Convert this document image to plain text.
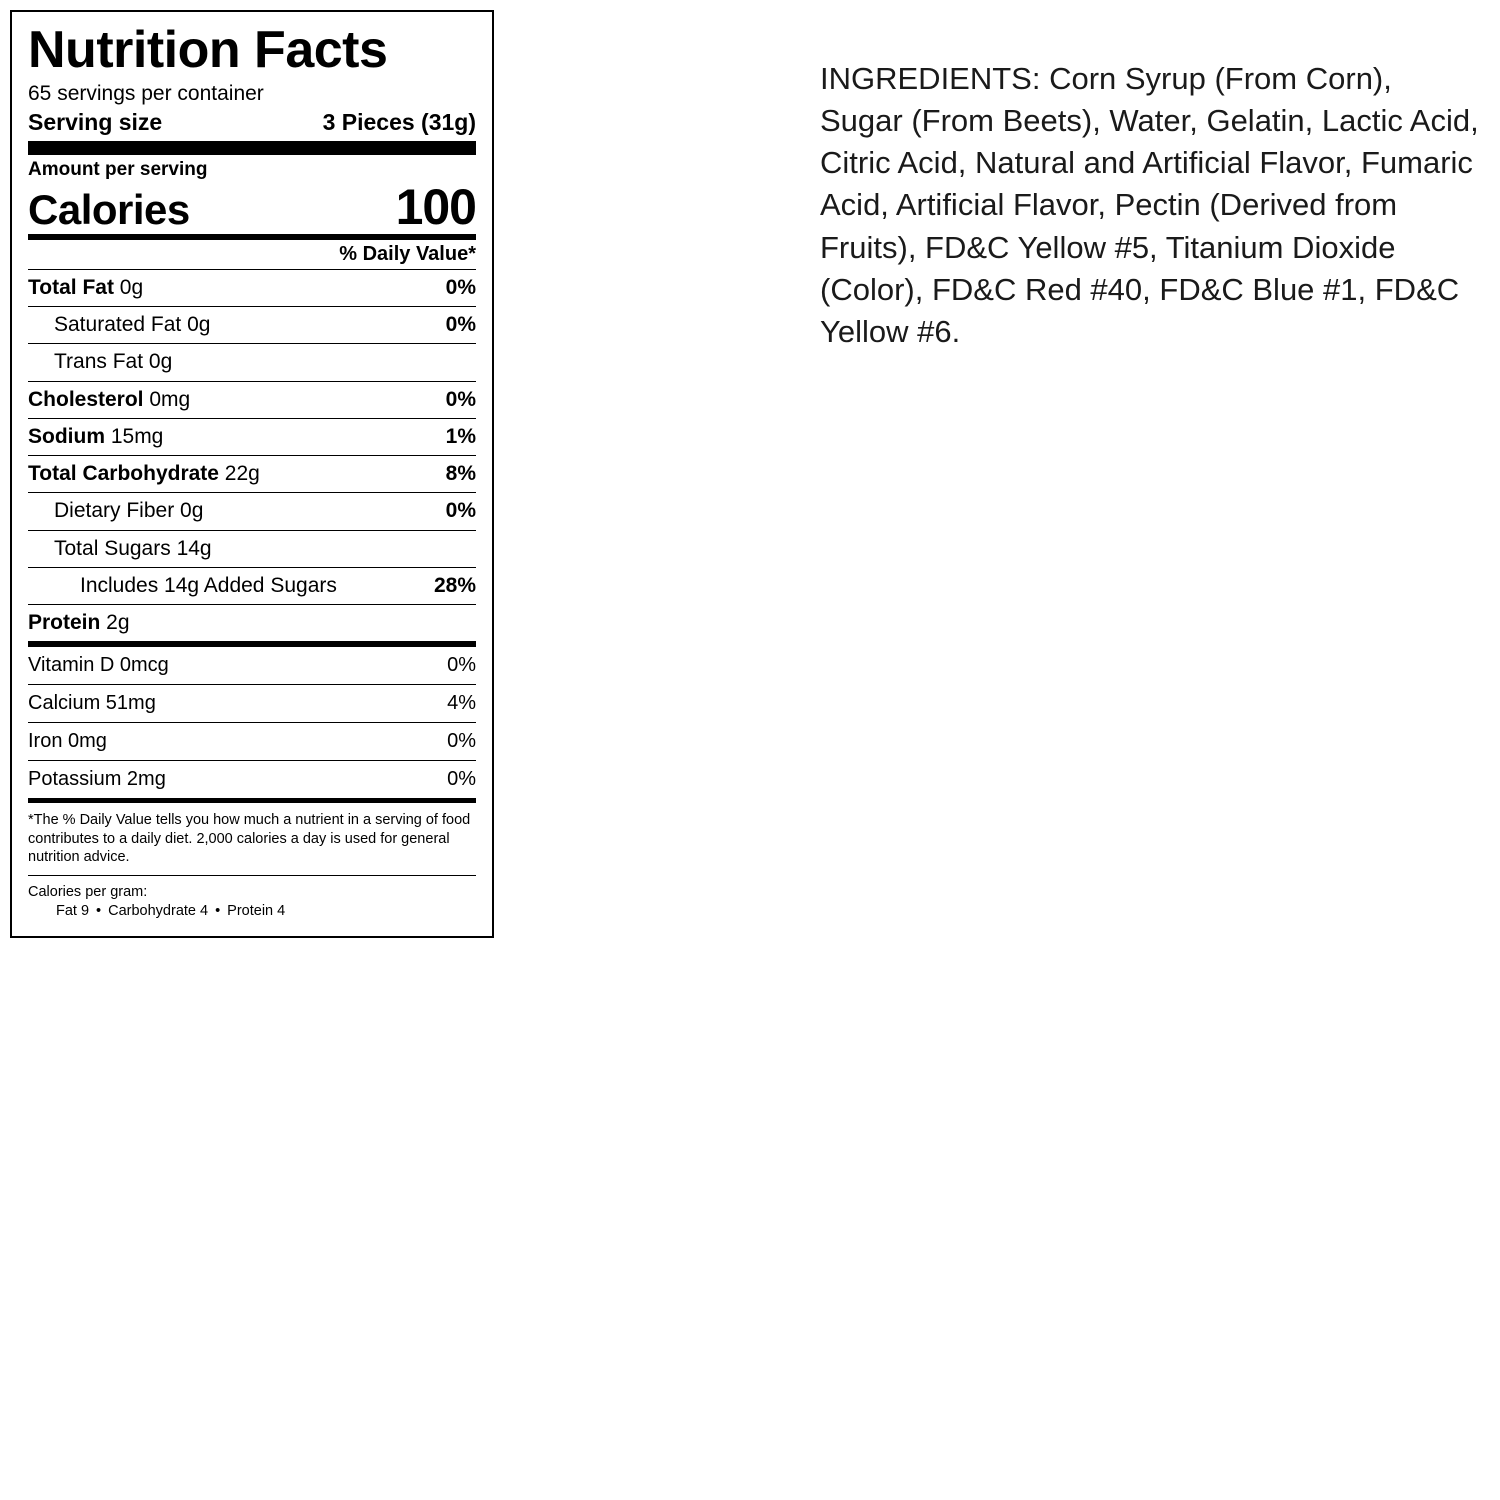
Nutrition Facts
65 servings per container
Serving size	3 Pieces (31g)
Amount per serving
Calories	100
% Daily Value*
Total Fat 0g	0%
Saturated Fat 0g	0%
Trans Fat 0g
Cholesterol 0mg	0%
Sodium 15mg	1%
Total Carbohydrate 22g	8%
Dietary Fiber 0g	0%
Total Sugars 14g
Includes 14g Added Sugars	28%
Protein 2g
Vitamin D 0mcg	0%
Calcium 51mg	4%
Iron 0mg	0%
Potassium 2mg	0%
*The % Daily Value tells you how much a nutrient in a serving of food contributes to a daily diet. 2,000 calories a day is used for general nutrition advice.
Calories per gram:
Fat 9 • Carbohydrate 4 • Protein 4
INGREDIENTS: Corn Syrup (From Corn), Sugar (From Beets), Water, Gelatin, Lactic Acid, Citric Acid, Natural and Artificial Flavor, Fumaric Acid, Artificial Flavor, Pectin (Derived from Fruits), FD&C Yellow #5, Titanium Dioxide (Color), FD&C Red #40, FD&C Blue #1, FD&C Yellow #6.
